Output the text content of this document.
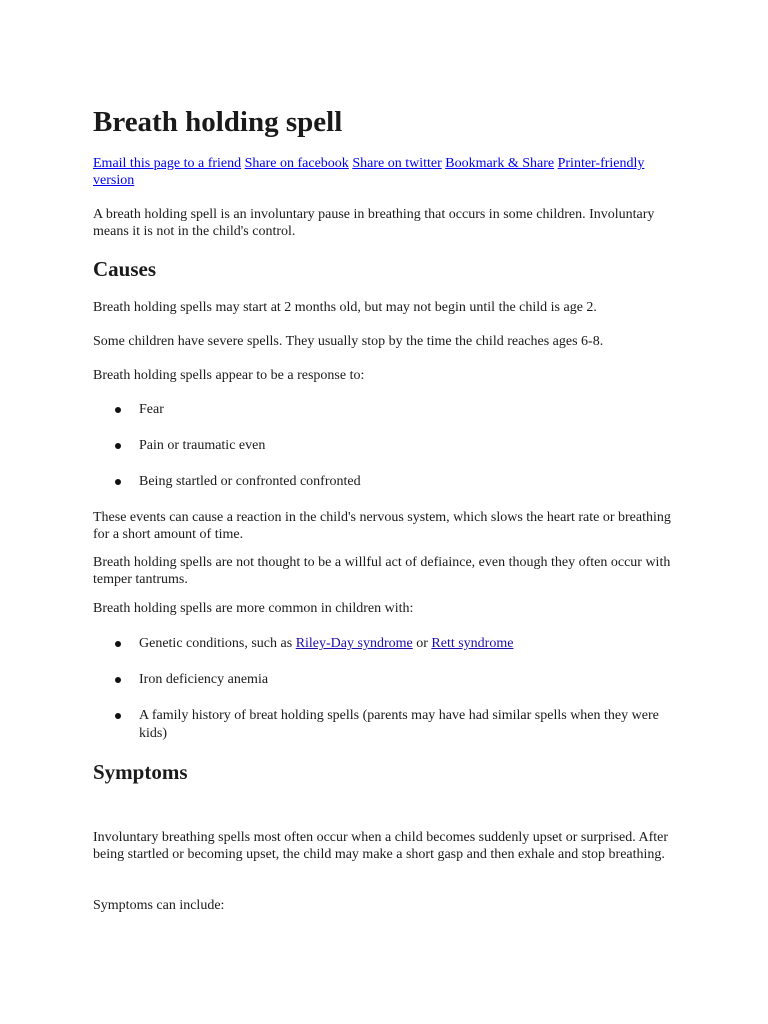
Breath holding spell

Email this page to a friend Share on facebook Share on twitter Bookmark & Share Printer-friendly version

A breath holding spell is an involuntary pause in breathing that occurs in some children. Involuntary means it is not in the child's control.

Causes

Breath holding spells may start at 2 months old, but may not begin until the child is age 2.

Some children have severe spells. They usually stop by the time the child reaches ages 6-8.

Breath holding spells appear to be a response to:

Fear
Pain or traumatic even
Being startled or confronted confronted

These events can cause a reaction in the child's nervous system, which slows the heart rate or breathing for a short amount of time.

Breath holding spells are not thought to be a willful act of defiaince, even though they often occur with temper tantrums.

Breath holding spells are more common in children with:

Genetic conditions, such as Riley-Day syndrome or Rett syndrome
Iron deficiency anemia
A family history of breat holding spells (parents may have had similar spells when they were kids)
Symptoms

Involuntary breathing spells most often occur when a child becomes suddenly upset or surprised. After being startled or becoming upset, the child may make a short gasp and then exhale and stop breathing.

Symptoms can include:
